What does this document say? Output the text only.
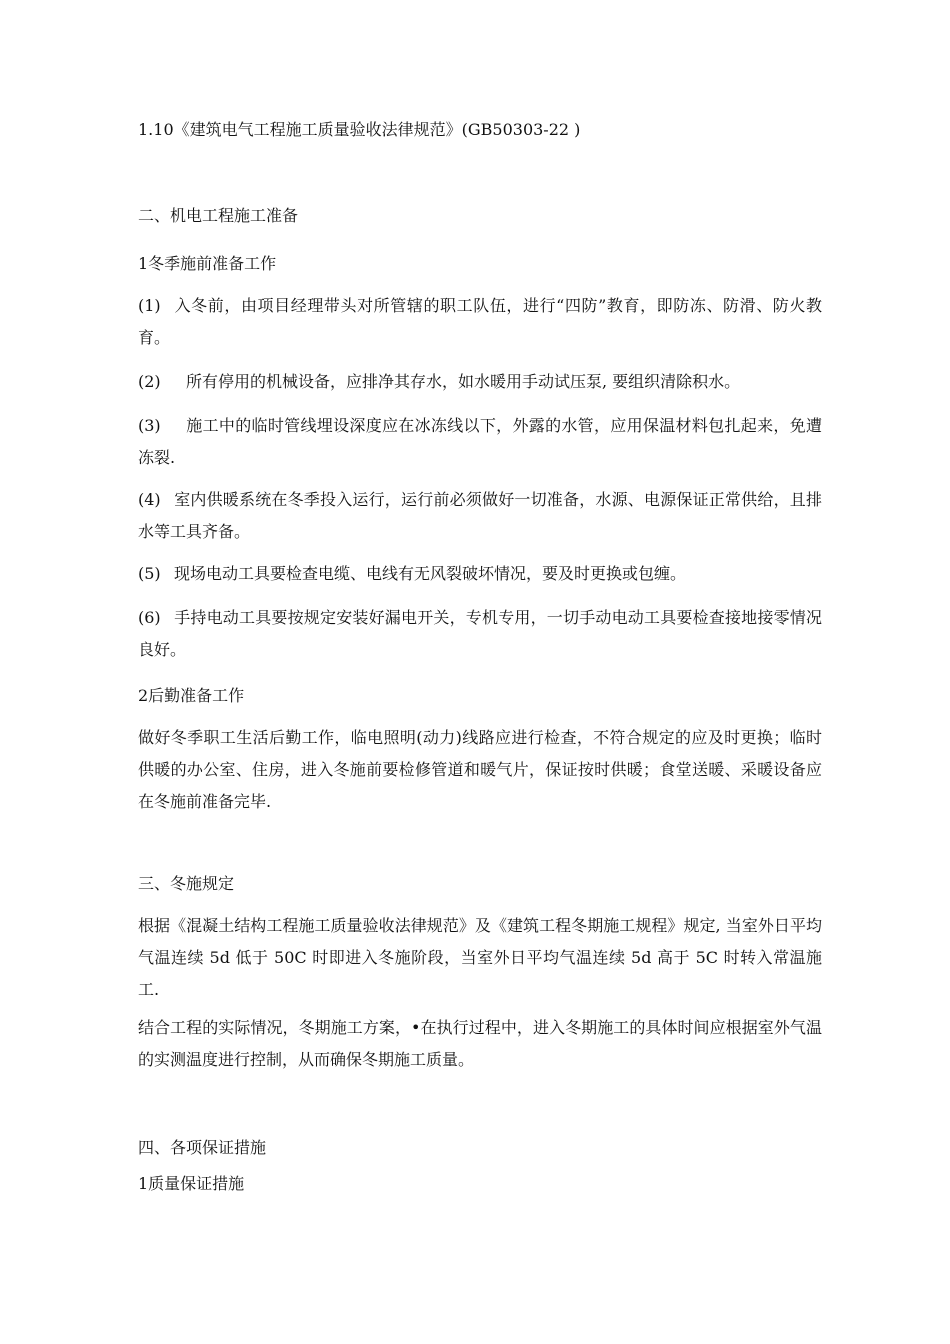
1.10《建筑电气工程施工质量验收法律规范》(GB50303-22 )
二、机电工程施工准备
1冬季施前准备工作
(1) 入冬前，由项目经理带头对所管辖的职工队伍，进行“四防”教育，即防冻、防滑、防火教育。
(2) 所有停用的机械设备，应排净其存水，如水暖用手动试压泵, 要组织清除积水。
(3) 施工中的临时管线埋设深度应在冰冻线以下，外露的水管，应用保温材料包扎起来，免遭冻裂.
(4) 室内供暖系统在冬季投入运行，运行前必须做好一切准备，水源、电源保证正常供给，且排水等工具齐备。
(5) 现场电动工具要检查电缆、电线有无风裂破坏情况，要及时更换或包缠。
(6) 手持电动工具要按规定安装好漏电开关，专机专用，一切手动电动工具要检查接地接零情况良好。
2后勤准备工作
做好冬季职工生活后勤工作，临电照明(动力)线路应进行检查，不符合规定的应及时更换；临时供暖的办公室、住房，进入冬施前要检修管道和暖气片，保证按时供暖；食堂送暖、采暖设备应在冬施前准备完毕.
三、冬施规定
根据《混凝土结构工程施工质量验收法律规范》及《建筑工程冬期施工规程》规定, 当室外日平均气温连续 5d 低于 50C 时即进入冬施阶段，当室外日平均气温连续 5d 高于 5C 时转入常温施工.
结合工程的实际情况，冬期施工方案，•在执行过程中，进入冬期施工的具体时间应根据室外气温的实测温度进行控制，从而确保冬期施工质量。
四、各项保证措施
1质量保证措施
